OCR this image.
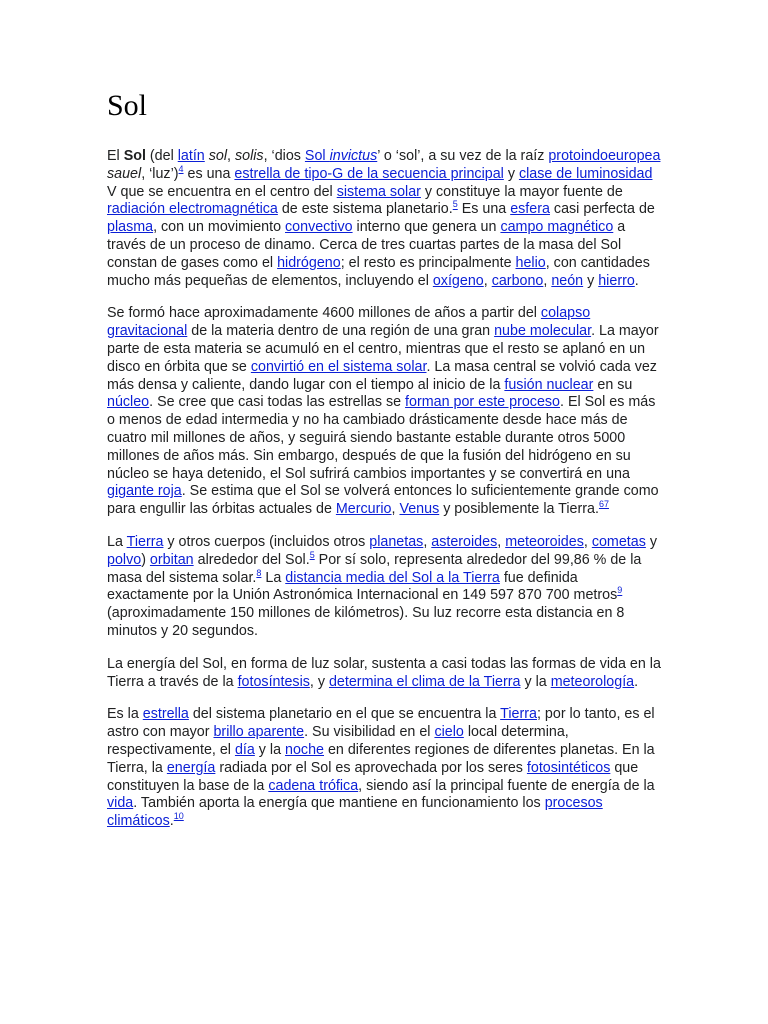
Sol

El Sol (del latín sol, solis, ‘dios Sol invictus’ o ‘sol’, a su vez de la raíz protoindoeuropea sauel, ‘luz’)$^4$ es una estrella de tipo-G de la secuencia principal y clase de luminosidad V que se encuentra en el centro del sistema solar y constituye la mayor fuente de radiación electromagnética de este sistema planetario.$^5$ Es una esfera casi perfecta de plasma, con un movimiento convectivo interno que genera un campo magnético a través de un proceso de dinamo. Cerca de tres cuartas partes de la masa del Sol constan de gases como el hidrógeno; el resto es principalmente helio, con cantidades mucho más pequeñas de elementos, incluyendo el oxígeno, carbono, neón y hierro.

Se formó hace aproximadamente 4600 millones de años a partir del colapso gravitacional de la materia dentro de una región de una gran nube molecular. La mayor parte de esta materia se acumuló en el centro, mientras que el resto se aplanó en un disco en órbita que se convirtió en el sistema solar. La masa central se volvió cada vez más densa y caliente, dando lugar con el tiempo al inicio de la fusión nuclear en su núcleo. Se cree que casi todas las estrellas se forman por este proceso. El Sol es más o menos de edad intermedia y no ha cambiado drásticamente desde hace más de cuatro mil millones de años, y seguirá siendo bastante estable durante otros 5000 millones de años más. Sin embargo, después de que la fusión del hidrógeno en su núcleo se haya detenido, el Sol sufrirá cambios importantes y se convertirá en una gigante roja. Se estima que el Sol se volverá entonces lo suficientemente grande como para engullir las órbitas actuales de Mercurio, Venus y posiblemente la Tierra.$^{67}$

La Tierra y otros cuerpos (incluidos otros planetas, asteroides, meteoroides, cometas y polvo) orbitan alrededor del Sol.$^5$ Por sí solo, representa alrededor del 99,86 % de la masa del sistema solar.$^8$ La distancia media del Sol a la Tierra fue definida exactamente por la Unión Astronómica Internacional en 149 597 870 700 metros$^9$ (aproximadamente 150 millones de kilómetros). Su luz recorre esta distancia en 8 minutos y 20 segundos.

La energía del Sol, en forma de luz solar, sustenta a casi todas las formas de vida en la Tierra a través de la fotosíntesis, y determina el clima de la Tierra y la meteorología.

Es la estrella del sistema planetario en el que se encuentra la Tierra; por lo tanto, es el astro con mayor brillo aparente. Su visibilidad en el cielo local determina, respectivamente, el día y la noche en diferentes regiones de diferentes planetas. En la Tierra, la energía radiada por el Sol es aprovechada por los seres fotosintéticos que constituyen la base de la cadena trófica, siendo así la principal fuente de energía de la vida. También aporta la energía que mantiene en funcionamiento los procesos climáticos.$^{10}$
